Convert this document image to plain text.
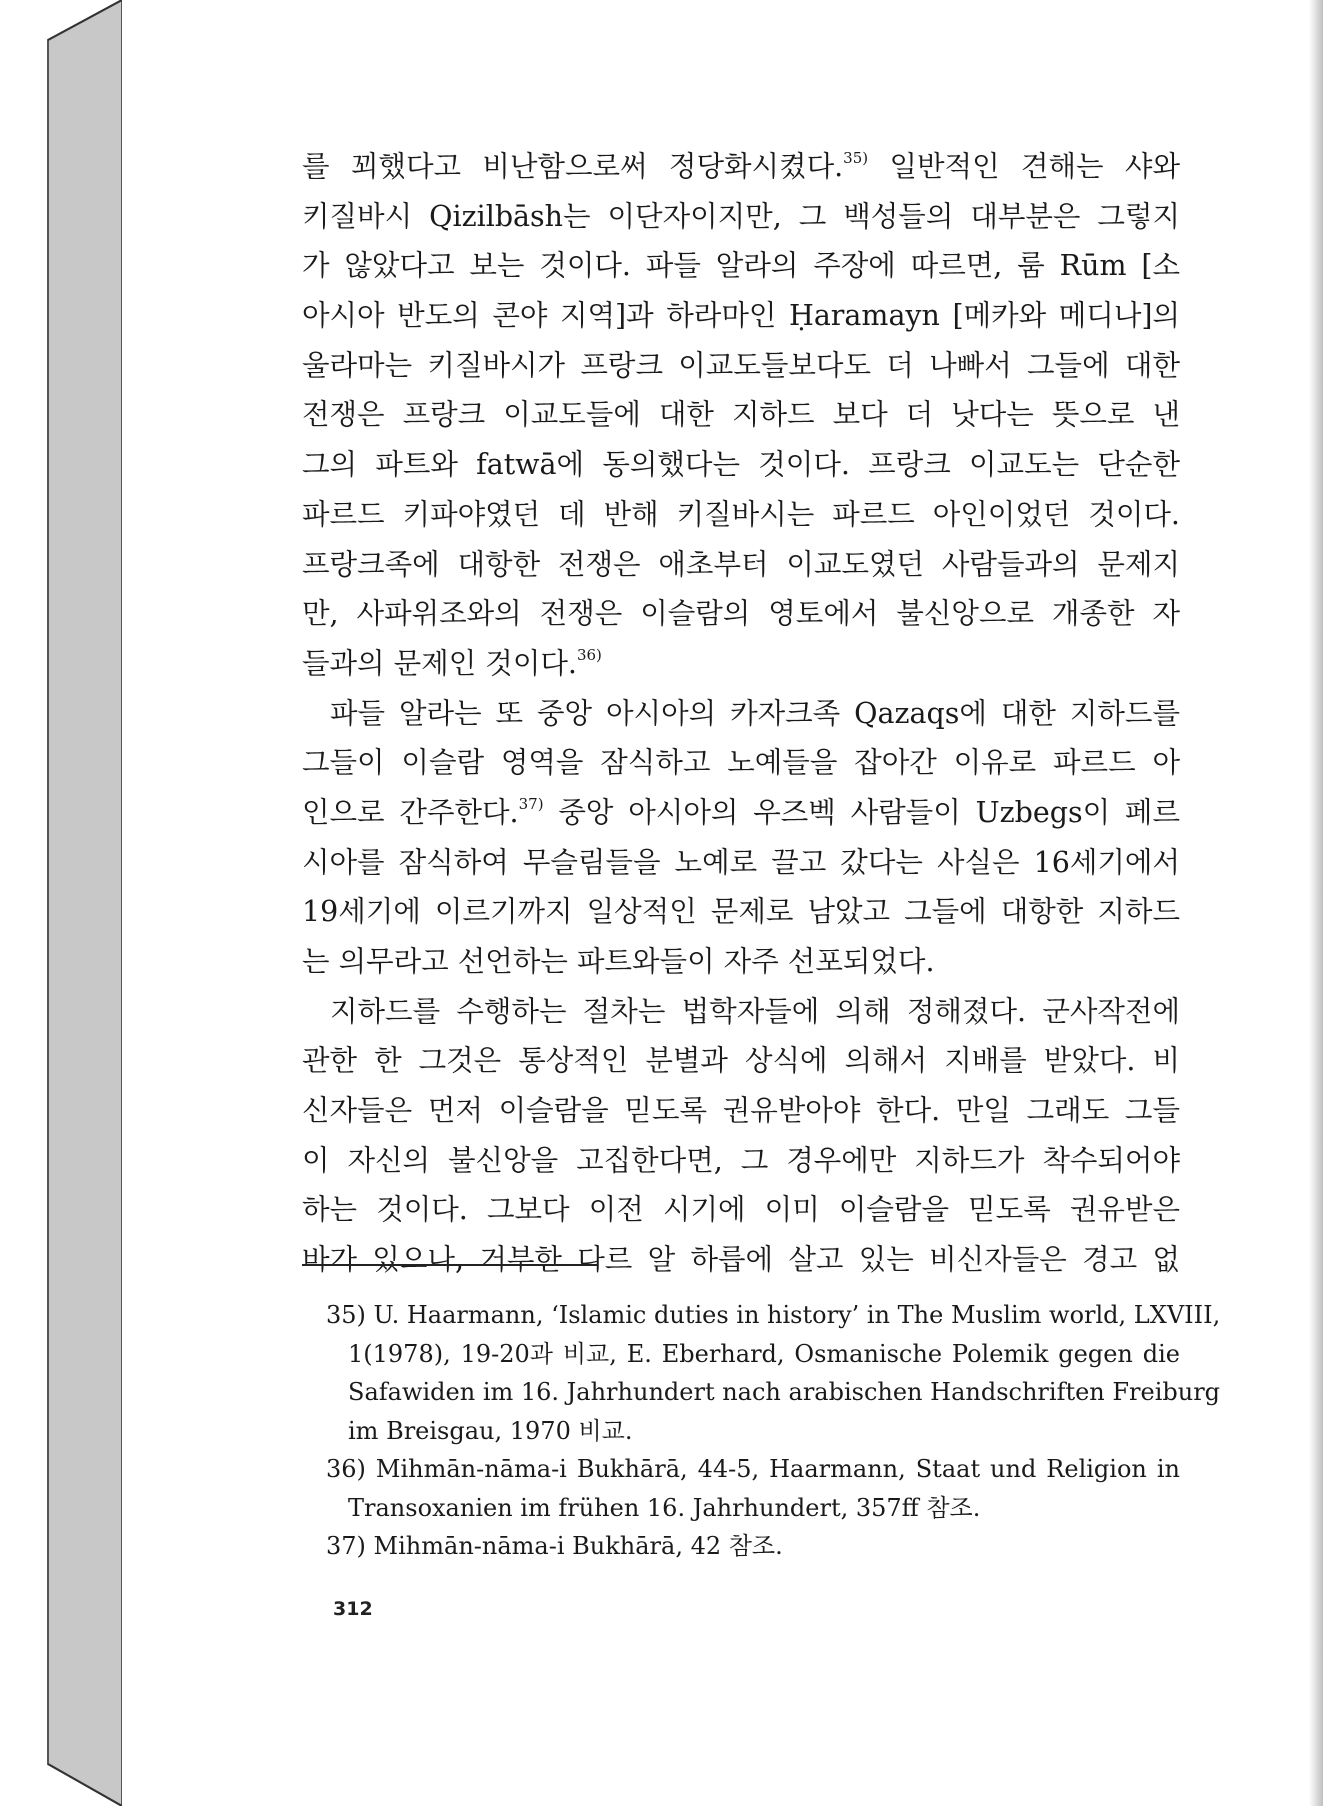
를 꾀했다고 비난함으로써 정당화시켰다.$^{35)}$ 일반적인 견해는 샤와
키질바시 Qizilbāsh는 이단자이지만, 그 백성들의 대부분은 그렇지
가 않았다고 보는 것이다. 파들 알라의 주장에 따르면, 룸 Rūm [소
아시아 반도의 콘야 지역]과 하라마인 Ḥaramayn [메카와 메디나]의
울라마는 키질바시가 프랑크 이교도들보다도 더 나빠서 그들에 대한
전쟁은 프랑크 이교도들에 대한 지하드 보다 더 낫다는 뜻으로 낸
그의 파트와 fatwā에 동의했다는 것이다. 프랑크 이교도는 단순한
파르드 키파야였던 데 반해 키질바시는 파르드 아인이었던 것이다.
프랑크족에 대항한 전쟁은 애초부터 이교도였던 사람들과의 문제지
만, 사파위조와의 전쟁은 이슬람의 영토에서 불신앙으로 개종한 자
들과의 문제인 것이다.$^{36)}$
파들 알라는 또 중앙 아시아의 카자크족 Qazaqs에 대한 지하드를
그들이 이슬람 영역을 잠식하고 노예들을 잡아간 이유로 파르드 아
인으로 간주한다.$^{37)}$ 중앙 아시아의 우즈벡 사람들이 Uzbegs이 페르
시아를 잠식하여 무슬림들을 노예로 끌고 갔다는 사실은 16세기에서
19세기에 이르기까지 일상적인 문제로 남았고 그들에 대항한 지하드
는 의무라고 선언하는 파트와들이 자주 선포되었다.
지하드를 수행하는 절차는 법학자들에 의해 정해졌다. 군사작전에
관한 한 그것은 통상적인 분별과 상식에 의해서 지배를 받았다. 비
신자들은 먼저 이슬람을 믿도록 권유받아야 한다. 만일 그래도 그들
이 자신의 불신앙을 고집한다면, 그 경우에만 지하드가 착수되어야
하는 것이다. 그보다 이전 시기에 이미 이슬람을 믿도록 권유받은
바가 있으나, 거부한 다르 알 하릅에 살고 있는 비신자들은 경고 없
35) U. Haarmann, ‘Islamic duties in history’ in The Muslim world, LXVIII,
1(1978), 19-20과 비교, E. Eberhard, Osmanische Polemik gegen die
Safawiden im 16. Jahrhundert nach arabischen Handschriften Freiburg
im Breisgau, 1970 비교.
36) Mihmān-nāma-i Bukhārā, 44-5, Haarmann, Staat und Religion in
Transoxanien im frühen 16. Jahrhundert, 357ff 참조.
37) Mihmān-nāma-i Bukhārā, 42 참조.
312
